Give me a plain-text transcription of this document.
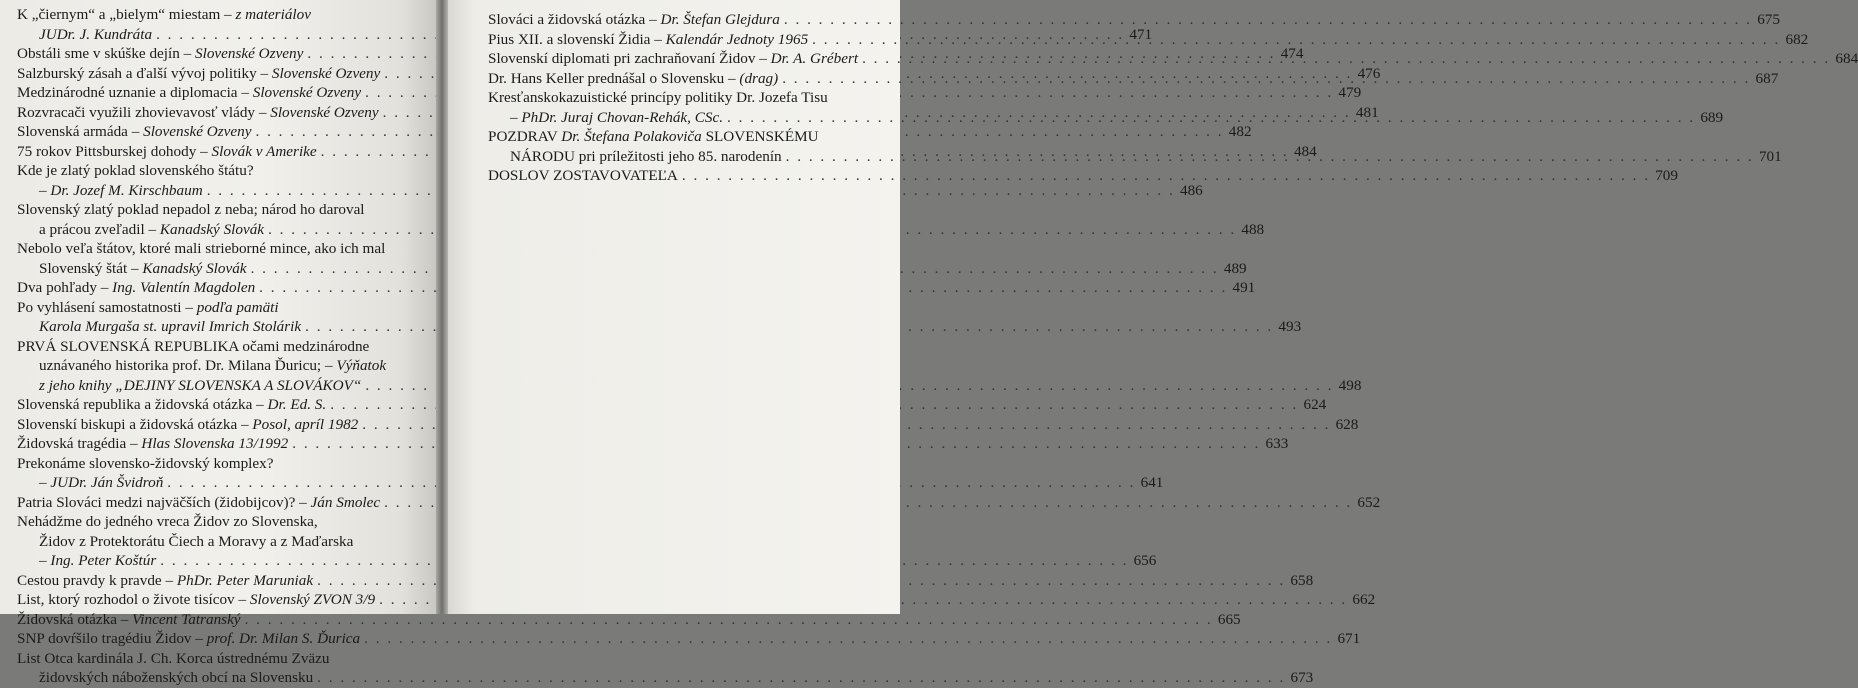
K „čiernym“ a „bielym“ miestam – z materiálov
JUDr. J. Kundráta . . .	471
Obstáli sme v skúške dejín – Slovenské Ozveny . . .	474
Salzburský zásah a ďalší vývoj politiky – Slovenské Ozveny . . .	476
Medzinárodné uznanie a diplomacia – Slovenské Ozveny . . .	479
Rozvracači využili zhovievavosť vlády – Slovenské Ozveny . . .	481
Slovenská armáda – Slovenské Ozveny . . .	482
75 rokov Pittsburskej dohody – Slovák v Amerike . . .	484
Kde je zlatý poklad slovenského štátu?
– Dr. Jozef M. Kirschbaum . . .	486
Slovenský zlatý poklad nepadol z neba; národ ho daroval
a prácou zveľadil – Kanadský Slovák . . .	488
Nebolo veľa štátov, ktoré mali strieborné mince, ako ich mal
Slovenský štát – Kanadský Slovák . . .	489
Dva pohľady – Ing. Valentín Magdolen . . .	491
Po vyhlásení samostatnosti – podľa pamäti
Karola Murgaša st. upravil Imrich Stolárik . . .	493
PRVÁ SLOVENSKÁ REPUBLIKA očami medzinárodne
uznávaného historika prof. Dr. Milana Ďuricu; – Výňatok
z jeho knihy „DEJINY SLOVENSKA A SLOVÁKOV“ . . .	498
Slovenská republika a židovská otázka – Dr. Ed. S. . . .	624
Slovenskí biskupi a židovská otázka – Posol, apríl 1982 . . .	628
Židovská tragédia – Hlas Slovenska 13/1992 . . .	633
Prekonáme slovensko-židovský komplex?
– JUDr. Ján Švidroň . . .	641
Patria Slováci medzi najväčších (židobijcov)? – Ján Smolec . . .	652
Nehádžme do jedného vreca Židov zo Slovenska,
Židov z Protektorátu Čiech a Moravy a z Maďarska
– Ing. Peter Koštúr . . .	656
Cestou pravdy k pravde – PhDr. Peter Maruniak . . .	658
List, ktorý rozhodol o živote tisícov – Slovenský ZVON 3/9 . . .	662
Židovská otázka – Vincent Tatranský . . .	665
SNP dovŕšilo tragédiu Židov – prof. Dr. Milan S. Ďurica . . .	671
List Otca kardinála J. Ch. Korca ústrednému Zväzu
židovských náboženských obcí na Slovensku . . .	673
Slováci a židovská otázka – Dr. Štefan Glejdura . . .	675
Pius XII. a slovenskí Židia – Kalendár Jednoty 1965 . . .	682
Slovenskí diplomati pri zachraňovaní Židov – Dr. A. Grébert . . .	684
Dr. Hans Keller prednášal o Slovensku – (drag) . . .	687
Kresťanskokazuistické princípy politiky Dr. Jozefa Tisu
– PhDr. Juraj Chovan-Rehák, CSc. . . .	689
POZDRAV Dr. Štefana Polakoviča SLOVENSKÉMU
NÁRODU pri príležitosti jeho 85. narodenín . . .	701
DOSLOV ZOSTAVOVATEĽA . . .	709
